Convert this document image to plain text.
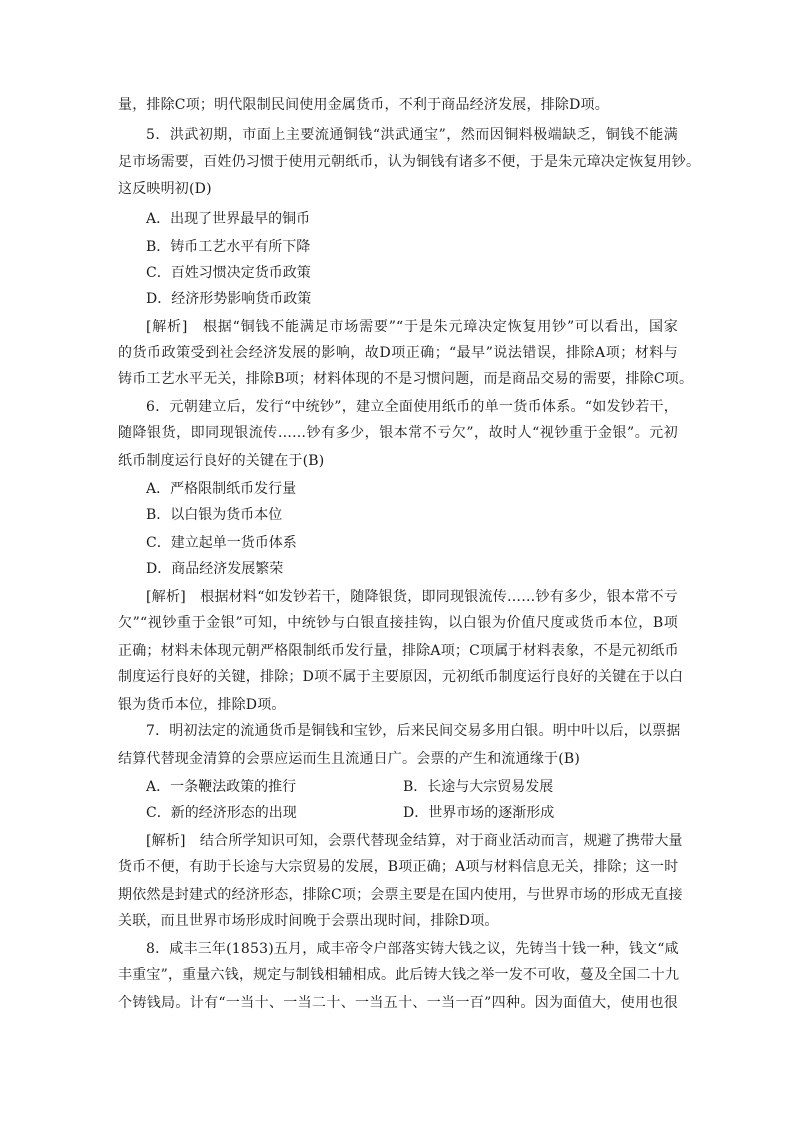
量，排除C项；明代限制民间使用金属货币，不利于商品经济发展，排除D项。
5．洪武初期，市面上主要流通铜钱“洪武通宝”，然而因铜料极端缺乏，铜钱不能满
足市场需要，百姓仍习惯于使用元朝纸币，认为铜钱有诸多不便，于是朱元璋决定恢复用钞。
这反映明初(D)
A．出现了世界最早的铜币
B．铸币工艺水平有所下降
C．百姓习惯决定货币政策
D．经济形势影响货币政策
[解析]　根据“铜钱不能满足市场需要”“于是朱元璋决定恢复用钞”可以看出，国家
的货币政策受到社会经济发展的影响，故D项正确；“最早”说法错误，排除A项；材料与
铸币工艺水平无关，排除B项；材料体现的不是习惯问题，而是商品交易的需要，排除C项。
6．元朝建立后，发行“中统钞”，建立全面使用纸币的单一货币体系。“如发钞若干，
随降银货，即同现银流传……钞有多少，银本常不亏欠”，故时人“视钞重于金银”。元初
纸币制度运行良好的关键在于(B)
A．严格限制纸币发行量
B．以白银为货币本位
C．建立起单一货币体系
D．商品经济发展繁荣
[解析]　根据材料“如发钞若干，随降银货，即同现银流传……钞有多少，银本常不亏
欠”“视钞重于金银”可知，中统钞与白银直接挂钩，以白银为价值尺度或货币本位，B项
正确；材料未体现元朝严格限制纸币发行量，排除A项；C项属于材料表象，不是元初纸币
制度运行良好的关键，排除；D项不属于主要原因，元初纸币制度运行良好的关键在于以白
银为货币本位，排除D项。
7．明初法定的流通货币是铜钱和宝钞，后来民间交易多用白银。明中叶以后，以票据
结算代替现金清算的会票应运而生且流通日广。会票的产生和流通缘于(B)
A．一条鞭法政策的推行	B．长途与大宗贸易发展
C．新的经济形态的出现	D．世界市场的逐渐形成
[解析]　结合所学知识可知，会票代替现金结算，对于商业活动而言，规避了携带大量
货币不便，有助于长途与大宗贸易的发展，B项正确；A项与材料信息无关，排除；这一时
期依然是封建式的经济形态，排除C项；会票主要是在国内使用，与世界市场的形成无直接
关联，而且世界市场形成时间晚于会票出现时间，排除D项。
8．咸丰三年(1853)五月，咸丰帝令户部落实铸大钱之议，先铸当十钱一种，钱文“咸
丰重宝”，重量六钱，规定与制钱相辅相成。此后铸大钱之举一发不可收，蔓及全国二十九
个铸钱局。计有“一当十、一当二十、一当五十、一当一百”四种。因为面值大，使用也很
